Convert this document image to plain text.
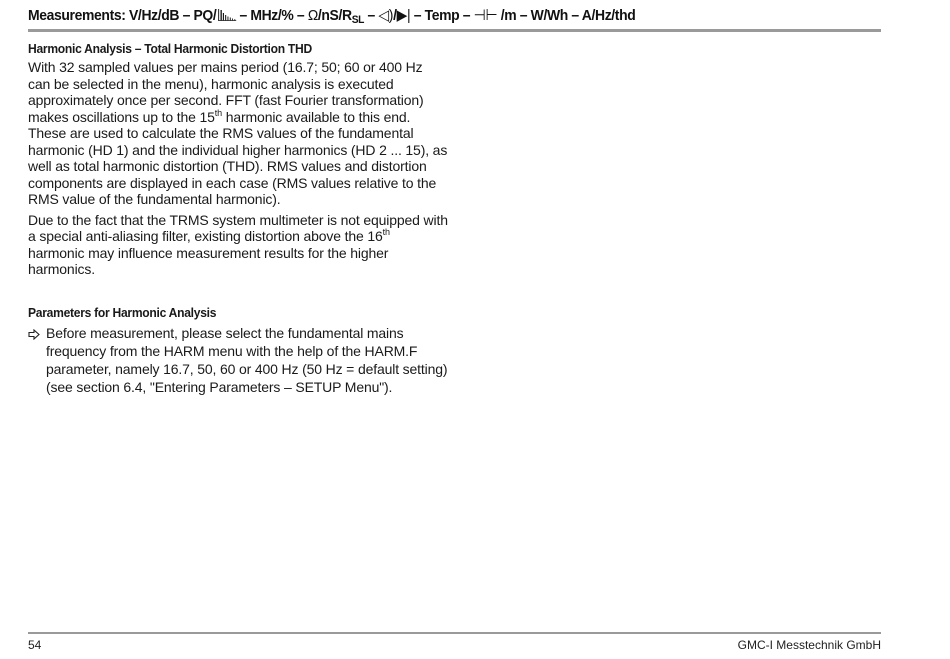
Measurements: $V/Hz/dB - PQ/ - MHz/\% - \Omega/nS/R_{SL}$ – ◁)/▶| – Temp – ⊣⊢ /m – W/Wh – A/Hz/thd
Harmonic Analysis – Total Harmonic Distortion THD

With 32 sampled values per mains period (16.7; 50; 60 or 400 Hz can be selected in the menu), harmonic analysis is executed approximately once per second. FFT (fast Fourier transformation) makes oscillations up to the 15th harmonic available to this end. These are used to calculate the RMS values of the fundamental harmonic (HD 1) and the individual higher harmonics (HD 2 ... 15), as well as total harmonic distortion (THD). RMS values and distortion components are displayed in each case (RMS values relative to the RMS value of the fundamental harmonic).

Due to the fact that the TRMS system multimeter is not equipped with a special anti-aliasing filter, existing distortion above the 16th harmonic may influence measurement results for the higher harmonics.

Parameters for Harmonic Analysis
Before measurement, please select the fundamental mains frequency from the HARM menu with the help of the HARM.F parameter, namely 16.7, 50, 60 or 400 Hz (50 Hz = default setting) (see section 6.4, "Entering Parameters – SETUP Menu").
54	GMC-I Messtechnik GmbH
